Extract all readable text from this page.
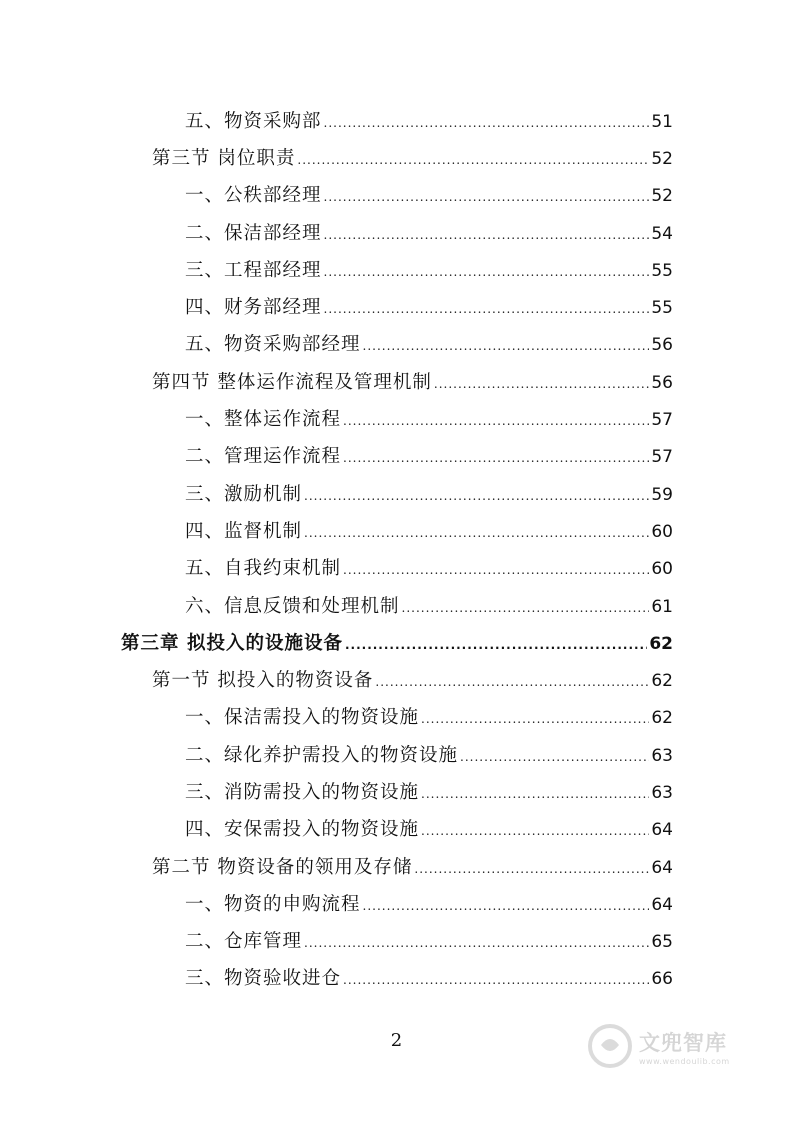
五、物资采购部 .....	51
第三节 岗位职责 .....	52
一、公秩部经理 .....	52
二、保洁部经理 .....	54
三、工程部经理 .....	55
四、财务部经理 .....	55
五、物资采购部经理 .....	56
第四节 整体运作流程及管理机制 .....	56
一、整体运作流程 .....	57
二、管理运作流程 .....	57
三、激励机制 .....	59
四、监督机制 .....	60
五、自我约束机制 .....	60
六、信息反馈和处理机制 .....	61
第三章 拟投入的设施设备 .....	62
第一节 拟投入的物资设备 .....	62
一、保洁需投入的物资设施 .....	62
二、绿化养护需投入的物资设施 .....	63
三、消防需投入的物资设施 .....	63
四、安保需投入的物资设施 .....	64
第二节 物资设备的领用及存储 .....	64
一、物资的申购流程 .....	64
二、仓库管理 .....	65
三、物资验收进仓 .....	66
2	文兜智库
www.wendoulib.com
